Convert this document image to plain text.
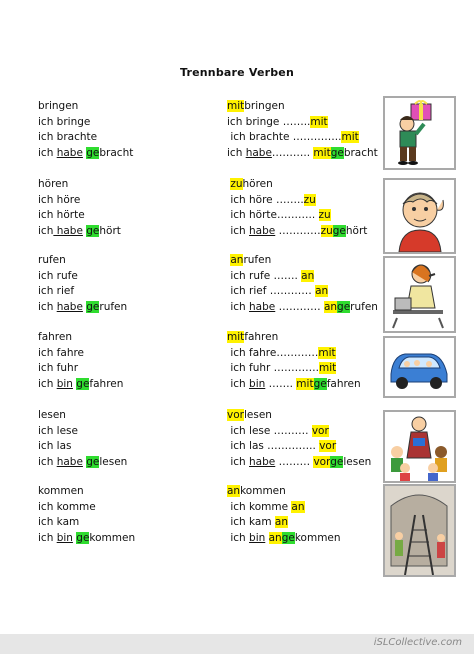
Trennbare Verben
bringen
ich bringe
ich brachte
ich habe gebracht
mitbringen
ich bringe ……..mit
ich brachte …………..mit
ich habe……….. mitgebracht
hören
ich höre
ich hörte
ich habe gehört
zuhören
ich höre ……..zu
ich hörte……….. zu
ich habe …………zugehört
rufen
ich rufe
ich rief
ich habe gerufen
anrufen
ich rufe ……. an
ich rief ………… an
ich habe ………… angerufen
fahren
ich fahre
ich fuhr
ich bin gefahren
mitfahren
ich fahre…………mit
ich fuhr ………….mit
ich bin ……. mitgefahren
lesen
ich lese
ich las
ich habe gelesen
vorlesen
ich lese ………. vor
ich las ………….. vor
ich habe ……… vorgelesen
kommen
ich komme
ich kam
ich bin gekommen
ankommen
ich komme an
ich kam an
ich bin angekommen
iSLCollective.com
